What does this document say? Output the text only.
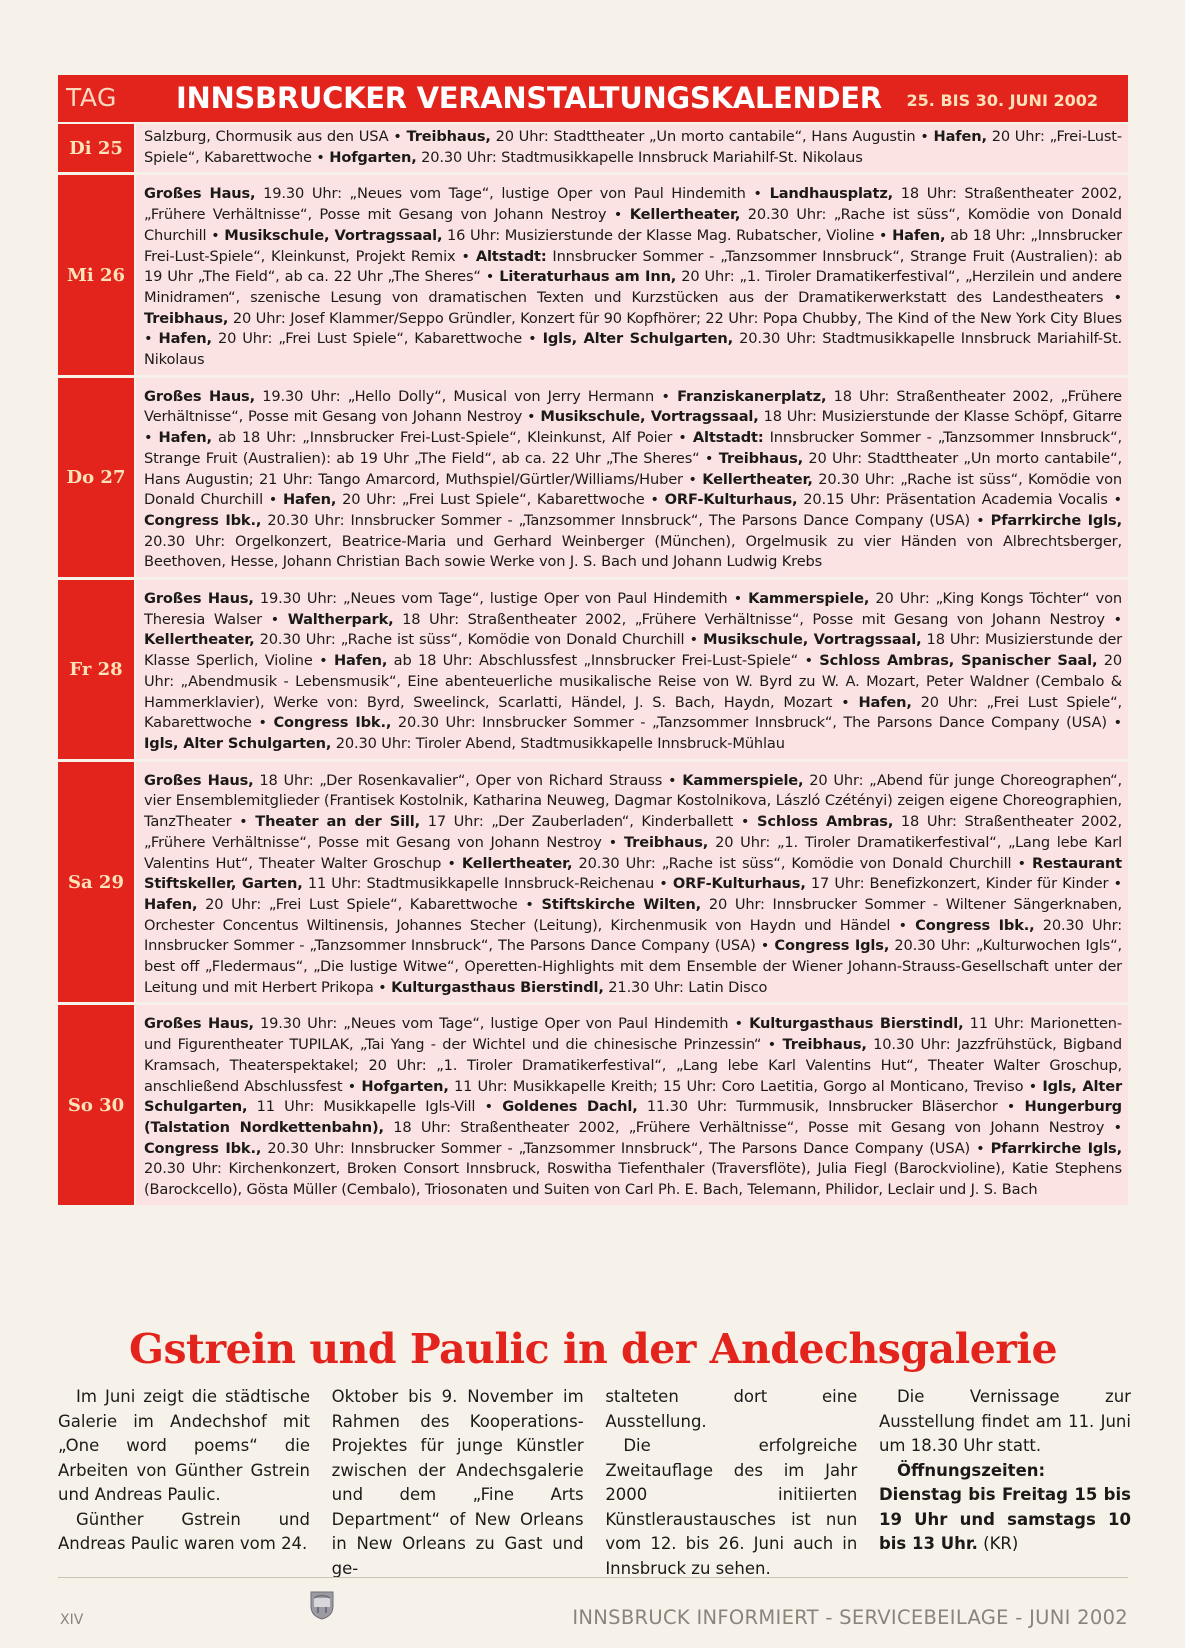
TAG INNSBRUCKER VERANSTALTUNGSKALENDER 25. BIS 30. JUNI 2002
Di 25
Salzburg, Chormusik aus den USA • Treibhaus, 20 Uhr: Stadttheater „Un morto cantabile“, Hans Augustin • Hafen, 20 Uhr: „Frei-Lust-Spiele“, Kabarettwoche • Hofgarten, 20.30 Uhr: Stadtmusikkapelle Innsbruck Mariahilf-St. Nikolaus
Mi 26
Großes Haus, 19.30 Uhr: „Neues vom Tage“, lustige Oper von Paul Hindemith • Landhausplatz, 18 Uhr: Straßentheater 2002, „Frühere Verhältnisse“, Posse mit Gesang von Johann Nestroy • Kellertheater, 20.30 Uhr: „Rache ist süss“, Komödie von Donald Churchill • Musikschule, Vortragssaal, 16 Uhr: Musizierstunde der Klasse Mag. Rubatscher, Violine • Hafen, ab 18 Uhr: „Innsbrucker Frei-Lust-Spiele“, Kleinkunst, Projekt Remix • Altstadt: Innsbrucker Sommer - „Tanzsommer Innsbruck“, Strange Fruit (Australien): ab 19 Uhr „The Field“, ab ca. 22 Uhr „The Sheres“ • Literaturhaus am Inn, 20 Uhr: „1. Tiroler Dramatikerfestival“, „Herzilein und andere Minidramen“, szenische Lesung von dramatischen Texten und Kurzstücken aus der Dramatikerwerkstatt des Landestheaters • Treibhaus, 20 Uhr: Josef Klammer/Seppo Gründler, Konzert für 90 Kopfhörer; 22 Uhr: Popa Chubby, The Kind of the New York City Blues • Hafen, 20 Uhr: „Frei Lust Spiele“, Kabarettwoche • Igls, Alter Schulgarten, 20.30 Uhr: Stadtmusikkapelle Innsbruck Mariahilf-St. Nikolaus
Do 27
Großes Haus, 19.30 Uhr: „Hello Dolly“, Musical von Jerry Hermann • Franziskanerplatz, 18 Uhr: Straßentheater 2002, „Frühere Verhältnisse“, Posse mit Gesang von Johann Nestroy • Musikschule, Vortragssaal, 18 Uhr: Musizierstunde der Klasse Schöpf, Gitarre • Hafen, ab 18 Uhr: „Innsbrucker Frei-Lust-Spiele“, Kleinkunst, Alf Poier • Altstadt: Innsbrucker Sommer - „Tanzsommer Innsbruck“, Strange Fruit (Australien): ab 19 Uhr „The Field“, ab ca. 22 Uhr „The Sheres“ • Treibhaus, 20 Uhr: Stadttheater „Un morto cantabile“, Hans Augustin; 21 Uhr: Tango Amarcord, Muthspiel/Gürtler/Williams/Huber • Kellertheater, 20.30 Uhr: „Rache ist süss“, Komödie von Donald Churchill • Hafen, 20 Uhr: „Frei Lust Spiele“, Kabarettwoche • ORF-Kulturhaus, 20.15 Uhr: Präsentation Academia Vocalis • Congress Ibk., 20.30 Uhr: Innsbrucker Sommer - „Tanzsommer Innsbruck“, The Parsons Dance Company (USA) • Pfarrkirche Igls, 20.30 Uhr: Orgelkonzert, Beatrice-Maria und Gerhard Weinberger (München), Orgelmusik zu vier Händen von Albrechtsberger, Beethoven, Hesse, Johann Christian Bach sowie Werke von J. S. Bach und Johann Ludwig Krebs
Fr 28
Großes Haus, 19.30 Uhr: „Neues vom Tage“, lustige Oper von Paul Hindemith • Kammerspiele, 20 Uhr: „King Kongs Töchter“ von Theresia Walser • Waltherpark, 18 Uhr: Straßentheater 2002, „Frühere Verhältnisse“, Posse mit Gesang von Johann Nestroy • Kellertheater, 20.30 Uhr: „Rache ist süss“, Komödie von Donald Churchill • Musikschule, Vortragssaal, 18 Uhr: Musizierstunde der Klasse Sperlich, Violine • Hafen, ab 18 Uhr: Abschlussfest „Innsbrucker Frei-Lust-Spiele“ • Schloss Ambras, Spanischer Saal, 20 Uhr: „Abendmusik - Lebensmusik“, Eine abenteuerliche musikalische Reise von W. Byrd zu W. A. Mozart, Peter Waldner (Cembalo & Hammerklavier), Werke von: Byrd, Sweelinck, Scarlatti, Händel, J. S. Bach, Haydn, Mozart • Hafen, 20 Uhr: „Frei Lust Spiele“, Kabarettwoche • Congress Ibk., 20.30 Uhr: Innsbrucker Sommer - „Tanzsommer Innsbruck“, The Parsons Dance Company (USA) • Igls, Alter Schulgarten, 20.30 Uhr: Tiroler Abend, Stadtmusikkapelle Innsbruck-Mühlau
Sa 29
Großes Haus, 18 Uhr: „Der Rosenkavalier“, Oper von Richard Strauss • Kammerspiele, 20 Uhr: „Abend für junge Choreographen“, vier Ensemblemitglieder (Frantisek Kostolnik, Katharina Neuweg, Dagmar Kostolnikova, László Czétényi) zeigen eigene Choreographien, TanzTheater • Theater an der Sill, 17 Uhr: „Der Zauberladen“, Kinderballett • Schloss Ambras, 18 Uhr: Straßentheater 2002, „Frühere Verhältnisse“, Posse mit Gesang von Johann Nestroy • Treibhaus, 20 Uhr: „1. Tiroler Dramatikerfestival“, „Lang lebe Karl Valentins Hut“, Theater Walter Groschup • Kellertheater, 20.30 Uhr: „Rache ist süss“, Komödie von Donald Churchill • Restaurant Stiftskeller, Garten, 11 Uhr: Stadtmusikkapelle Innsbruck-Reichenau • ORF-Kulturhaus, 17 Uhr: Benefizkonzert, Kinder für Kinder • Hafen, 20 Uhr: „Frei Lust Spiele“, Kabarettwoche • Stiftskirche Wilten, 20 Uhr: Innsbrucker Sommer - Wiltener Sängerknaben, Orchester Concentus Wiltinensis, Johannes Stecher (Leitung), Kirchenmusik von Haydn und Händel • Congress Ibk., 20.30 Uhr: Innsbrucker Sommer - „Tanzsommer Innsbruck“, The Parsons Dance Company (USA) • Congress Igls, 20.30 Uhr: „Kulturwochen Igls“, best off „Fledermaus“, „Die lustige Witwe“, Operetten-Highlights mit dem Ensemble der Wiener Johann-Strauss-Gesellschaft unter der Leitung und mit Herbert Prikopa • Kulturgasthaus Bierstindl, 21.30 Uhr: Latin Disco
So 30
Großes Haus, 19.30 Uhr: „Neues vom Tage“, lustige Oper von Paul Hindemith • Kulturgasthaus Bierstindl, 11 Uhr: Marionetten- und Figurentheater TUPILAK, „Tai Yang - der Wichtel und die chinesische Prinzessin“ • Treibhaus, 10.30 Uhr: Jazzfrühstück, Bigband Kramsach, Theaterspektakel; 20 Uhr: „1. Tiroler Dramatikerfestival“, „Lang lebe Karl Valentins Hut“, Theater Walter Groschup, anschließend Abschlussfest • Hofgarten, 11 Uhr: Musikkapelle Kreith; 15 Uhr: Coro Laetitia, Gorgo al Monticano, Treviso • Igls, Alter Schulgarten, 11 Uhr: Musikkapelle Igls-Vill • Goldenes Dachl, 11.30 Uhr: Turmmusik, Innsbrucker Bläserchor • Hungerburg (Talstation Nordkettenbahn), 18 Uhr: Straßentheater 2002, „Frühere Verhältnisse“, Posse mit Gesang von Johann Nestroy • Congress Ibk., 20.30 Uhr: Innsbrucker Sommer - „Tanzsommer Innsbruck“, The Parsons Dance Company (USA) • Pfarrkirche Igls, 20.30 Uhr: Kirchenkonzert, Broken Consort Innsbruck, Roswitha Tiefenthaler (Traversflöte), Julia Fiegl (Barockvioline), Katie Stephens (Barockcello), Gösta Müller (Cembalo), Triosonaten und Suiten von Carl Ph. E. Bach, Telemann, Philidor, Leclair und J. S. Bach
Gstrein und Paulic in der Andechsgalerie

Im Juni zeigt die städtische Galerie im Andechshof mit „One word poems“ die Arbeiten von Günther Gstrein und Andreas Paulic.

Günther Gstrein und Andreas Paulic waren vom 24.

Oktober bis 9. November im Rahmen des Kooperations-Projektes für junge Künstler zwischen der Andechsgalerie und dem „Fine Arts Department“ of New Orleans in New Orleans zu Gast und ge-

stalteten dort eine Ausstellung.

Die erfolgreiche Zweitauflage des im Jahr 2000 initiierten Künstleraustausches ist nun vom 12. bis 26. Juni auch in Innsbruck zu sehen.

Die Vernissage zur Ausstellung findet am 11. Juni um 18.30 Uhr statt.

Öffnungszeiten: Dienstag bis Freitag 15 bis 19 Uhr und samstags 10 bis 13 Uhr. (KR)

XIV	INNSBRUCK INFORMIERT - SERVICEBEILAGE - JUNI 2002
